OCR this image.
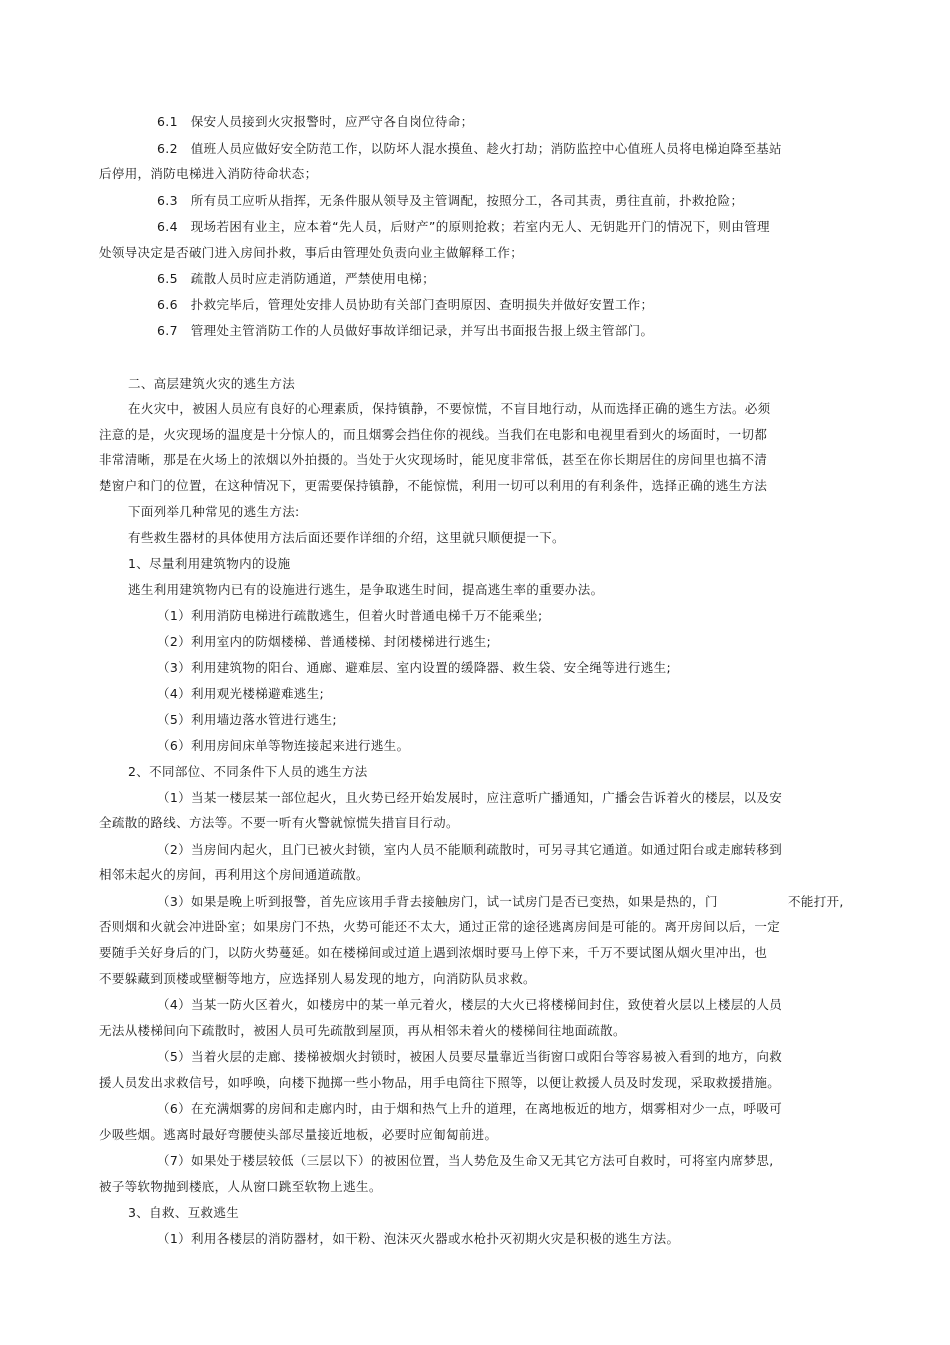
6.1　保安人员接到火灾报警时，应严守各自岗位待命；
6.2　值班人员应做好安全防范工作，以防坏人混水摸鱼、趁火打劫；消防监控中心值班人员将电梯迫降至基站
后停用，消防电梯进入消防待命状态；
6.3　所有员工应听从指挥，无条件服从领导及主管调配，按照分工，各司其责，勇往直前，扑救抢险；
6.4　现场若困有业主，应本着“先人员，后财产”的原则抢救；若室内无人、无钥匙开门的情况下，则由管理
处领导决定是否破门进入房间扑救，事后由管理处负责向业主做解释工作；
6.5　疏散人员时应走消防通道，严禁使用电梯；
6.6　扑救完毕后，管理处安排人员协助有关部门查明原因、查明损失并做好安置工作；
6.7　管理处主管消防工作的人员做好事故详细记录，并写出书面报告报上级主管部门。
二、高层建筑火灾的逃生方法
在火灾中，被困人员应有良好的心理素质，保持镇静，不要惊慌，不盲目地行动，从而选择正确的逃生方法。必须
注意的是，火灾现场的温度是十分惊人的，而且烟雾会挡住你的视线。当我们在电影和电视里看到火的场面时，一切都
非常清晰，那是在火场上的浓烟以外拍摄的。当处于火灾现场时，能见度非常低，甚至在你长期居住的房间里也搞不清
楚窗户和门的位置，在这种情况下，更需要保持镇静，不能惊慌，利用一切可以利用的有利条件，选择正确的逃生方法
下面列举几种常见的逃生方法:
有些救生器材的具体使用方法后面还要作详细的介绍，这里就只顺便提一下。
1、尽量利用建筑物内的设施
逃生利用建筑物内已有的设施进行逃生，是争取逃生时间，提高逃生率的重要办法。
（1）利用消防电梯进行疏散逃生，但着火时普通电梯千万不能乘坐;
（2）利用室内的防烟楼梯、普通楼梯、封闭楼梯进行逃生;
（3）利用建筑物的阳台、通廊、避难层、室内设置的缓降器、救生袋、安全绳等进行逃生;
（4）利用观光楼梯避难逃生;
（5）利用墙边落水管进行逃生;
（6）利用房间床单等物连接起来进行逃生。
2、不同部位、不同条件下人员的逃生方法
（1）当某一楼层某一部位起火，且火势已经开始发展时，应注意听广播通知，广播会告诉着火的楼层，以及安
全疏散的路线、方法等。不要一听有火警就惊慌失措盲目行动。
（2）当房间内起火，且门已被火封锁，室内人员不能顺利疏散时，可另寻其它通道。如通过阳台或走廊转移到
相邻未起火的房间，再利用这个房间通道疏散。
（3）如果是晚上听到报警，首先应该用手背去接触房门，试一试房门是否已变热，如果是热的，门	不能打开,
否则烟和火就会冲进卧室；如果房门不热，火势可能还不太大，通过正常的途径逃离房间是可能的。离开房间以后，一定
要随手关好身后的门，以防火势蔓延。如在楼梯间或过道上遇到浓烟时要马上停下来，千万不要试图从烟火里冲出，也
不要躲藏到顶楼或壁橱等地方，应选择别人易发现的地方，向消防队员求救。
（4）当某一防火区着火，如楼房中的某一单元着火，楼层的大火已将楼梯间封住，致使着火层以上楼层的人员
无法从楼梯间向下疏散时，被困人员可先疏散到屋顶，再从相邻未着火的楼梯间往地面疏散。
（5）当着火层的走廊、搂梯被烟火封锁时，被困人员要尽量靠近当街窗口或阳台等容易被入看到的地方，向救
援人员发出求救信号，如呼唤，向楼下抛掷一些小物品，用手电筒往下照等，以便让救援人员及时发现，采取救援措施。
（6）在充满烟雾的房间和走廊内时，由于烟和热气上升的道理，在离地板近的地方，烟雾相对少一点，呼吸可
少吸些烟。逃离时最好弯腰使头部尽量接近地板，必要时应匍匐前进。
（7）如果处于楼层较低（三层以下）的被困位置，当人势危及生命又无其它方法可自救时，可将室内席梦思,
被子等软物抛到楼底，人从窗口跳至软物上逃生。
3、自救、互救逃生
（1）利用各楼层的消防器材，如干粉、泡沫灭火器或水枪扑灭初期火灾是积极的逃生方法。
